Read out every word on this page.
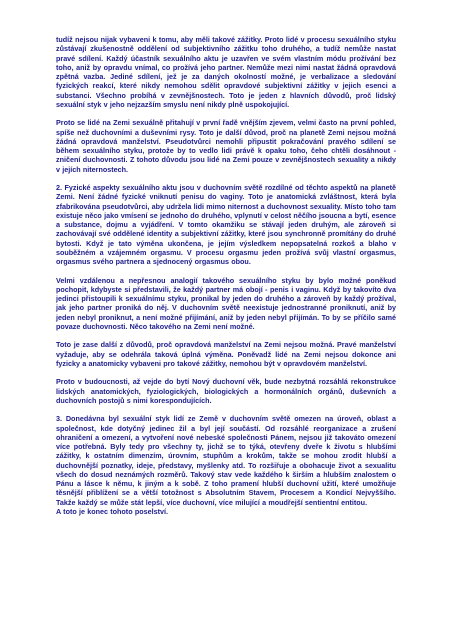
tudíž nejsou nijak vybaveni k tomu, aby měli takové zážitky. Proto lidé v procesu sexuálního styku zůstávají zkušenostně oddělení od subjektivního zážitku toho druhého, a tudíž nemůže nastat pravé sdílení. Každý účastník sexuálního aktu je uzavřen ve svém vlastním módu prožívání bez toho, aniž by opravdu vnímal, co prožívá jeho partner. Nemůže mezi nimi nastat žádná opravdová zpětná vazba. Jediné sdílení, jež je za daných okolností možné, je verbalizace a sledování fyzických reakcí, které nikdy nemohou sdělit opravdové subjektivní zážitky v jejich esenci a substanci. Všechno probíhá v zevnějšnostech. Toto je jeden z hlavních důvodů, proč lidský sexuální styk v jeho nejzazším smyslu není nikdy plně uspokojující.

Proto se lidé na Zemi sexuálně přitahují v první řadě vnějším zjevem, velmi často na první pohled, spíše než duchovními a duševními rysy. Toto je další důvod, proč na planetě Zemi nejsou možná žádná opravdová manželství. Pseudotvůrci nemohli připustit pokračování pravého sdílení se během sexuálního styku, protože by to vedlo lidi právě k opaku toho, čeho chtěli dosáhnout - zničení duchovnosti. Z tohoto důvodu jsou lidé na Zemi pouze v zevnějšnostech sexuality a nikdy v jejích niternostech.

2. Fyzické aspekty sexuálního aktu jsou v duchovním světě rozdílné od těchto aspektů na planetě Zemi. Není žádné fyzické vniknutí penisu do vaginy. Toto je anatomická zvláštnost, která byla zfabrikována pseudotvůrci, aby udržela lidi mimo niternost a duchovnost sexuality. Místo toho tam existuje něco jako vmísení se jednoho do druhého, vplynutí v celost něčího jsoucna a bytí, esence a substance, dojmu a vyjádření. V tomto okamžiku se stávají jeden druhým, ale zároveň si zachovávají své oddělené identity a subjektivní zážitky, které jsou synchronně promítány do druhé bytosti. Když je tato výměna ukončena, je jejím výsledkem nepopsatelná rozkoš a blaho v souběžném a vzájemném orgasmu. V procesu orgasmu jeden prožívá svůj vlastní orgasmus, orgasmus svého partnera a sjednocený orgasmus obou.

Velmi vzdálenou a nepřesnou analogií takového sexuálního styku by bylo možné poněkud pochopit, kdybyste si představili, že každý partner má obojí - penis i vaginu. Když by takovíto dva jedinci přistoupili k sexuálnímu styku, pronikal by jeden do druhého a zároveň by každý prožíval, jak jeho partner proniká do něj. V duchovním světě neexistuje jednostranné proniknutí, aniž by jeden nebyl proniknut, a není možné přijímání, aniž by jeden nebyl přijímán. To by se příčilo samé povaze duchovnosti. Něco takového na Zemi není možné.

Toto je zase další z důvodů, proč opravdová manželství na Zemi nejsou možná. Pravé manželství vyžaduje, aby se odehrála taková úplná výměna. Poněvadž lidé na Zemi nejsou dokonce ani fyzicky a anatomicky vybaveni pro takové zážitky, nemohou být v opravdovém manželství.

Proto v budoucnosti, až vejde do bytí Nový duchovní věk, bude nezbytná rozsáhlá rekonstrukce lidských anatomických, fyziologických, biologických a hormonálních orgánů, duševních a duchovních postojů s nimi korespondujících.

3. Donedávna byl sexuální styk lidí ze Země v duchovním světě omezen na úroveň, oblast a společnost, kde dotyčný jedinec žil a byl její součástí. Od rozsáhlé reorganizace a zrušení ohraničení a omezení, a vytvoření nové nebeské společnosti Pánem, nejsou již takováto omezení více potřebná. Byly tedy pro všechny ty, jichž se to týká, otevřeny dveře k životu s hlubšími zážitky, k ostatním dimenzím, úrovním, stupňům a krokům, takže se mohou zrodit hlubší a duchovnější poznatky, ideje, představy, myšlenky atd. To rozšiřuje a obohacuje život a sexualitu všech do dosud neznámých rozměrů. Takový stav vede každého k širším a hlubším znalostem o Pánu a lásce k němu, k jiným a k sobě. Z toho pramení hlubší duchovní užití, které umožňuje těsnější přiblížení se a větší totožnost s Absolutním Stavem, Procesem a Kondicí Nejvyššího. Takže každý se může stát lepší, více duchovní, více milující a moudřejší sentientní entitou.

A toto je konec tohoto poselství.
